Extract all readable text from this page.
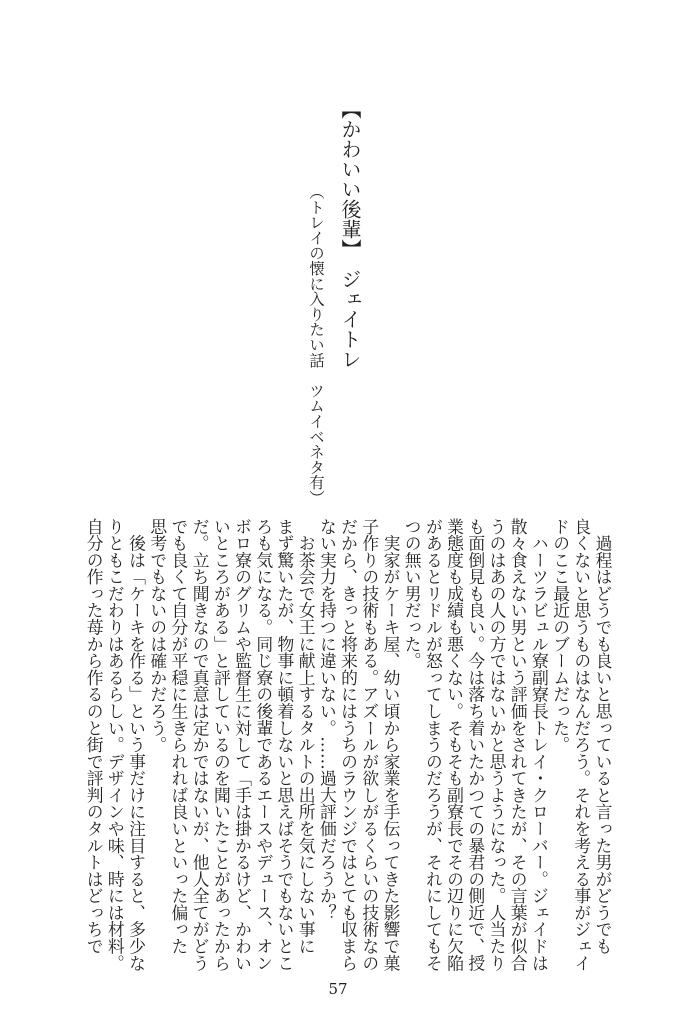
【かわいい後輩】　ジェイトレ
（トレイの懐に入りたい話　ツムイベネタ有）
　過程はどうでも良いと思っていると言った男がどうでも
良くないと思うものはなんだろう。それを考える事がジェイ
ドのここ最近のブームだった。
　ハーツラビュル寮副寮長トレイ・クローバー。ジェイドは
散々食えない男という評価をされてきたが、その言葉が似合
うのはあの人の方ではないかと思うようになった。人当たり
も面倒見も良い。今は落ち着いたかつての暴君の側近で、授
業態度も成績も悪くない。そもそも副寮長でその辺りに欠陥
があるとリドルが怒ってしまうのだろうが、それにしてもそ
つの無い男だった。
　実家がケーキ屋、幼い頃から家業を手伝ってきた影響で菓
子作りの技術もある。アズールが欲しがるくらいの技術なの
だから、きっと将来的にはうちのラウンジではとても収まら
ない実力を持つに違いない。……過大評価だろうか？
　お茶会で女王に献上するタルトの出所を気にしない事に
まず驚いたが、物事に頓着しないと思えばそうでもないとこ
ろも気になる。同じ寮の後輩であるエースやデュース、オン
ボロ寮のグリムや監督生に対して「手は掛かるけど、かわい
いところがある」と評しているのを聞いたことがあったから
だ。立ち聞きなので真意は定かではないが、他人全てがどう
でも良くて自分が平穏に生きられれば良いといった偏った
思考でもないのは確かだろう。
　後は「ケーキを作る」という事だけに注目すると、多少な
りともこだわりはあるらしい。デザインや味、時には材料。
自分の作った苺から作るのと街で評判のタルトはどっちで
57
